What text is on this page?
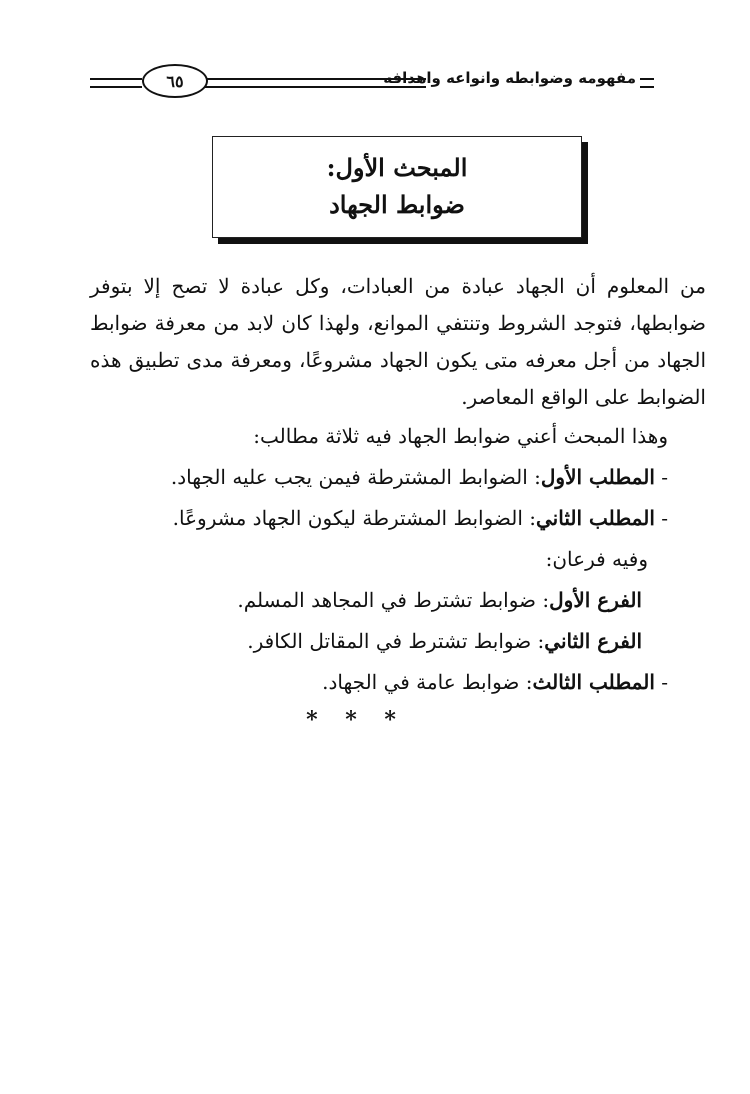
مفهومه وضوابطه وانواعه واهدافه
٦٥
المبحث الأول:
ضوابط الجهاد

من المعلوم أن الجهاد عبادة من العبادات، وكل عبادة لا تصح إلا بتوفر ضوابطها، فتوجد الشروط وتنتفي الموانع، ولهذا كان لابد من معرفة ضوابط الجهاد من أجل معرفه متى يكون الجهاد مشروعًا، ومعرفة مدى تطبيق هذه الضوابط على الواقع المعاصر.

وهذا المبحث أعني ضوابط الجهاد فيه ثلاثة مطالب:

- المطلب الأول: الضوابط المشترطة فيمن يجب عليه الجهاد.

- المطلب الثاني: الضوابط المشترطة ليكون الجهاد مشروعًا.

وفيه فرعان:

الفرع الأول: ضوابط تشترط في المجاهد المسلم.

الفرع الثاني: ضوابط تشترط في المقاتل الكافر.

- المطلب الثالث: ضوابط عامة في الجهاد.

* * *
